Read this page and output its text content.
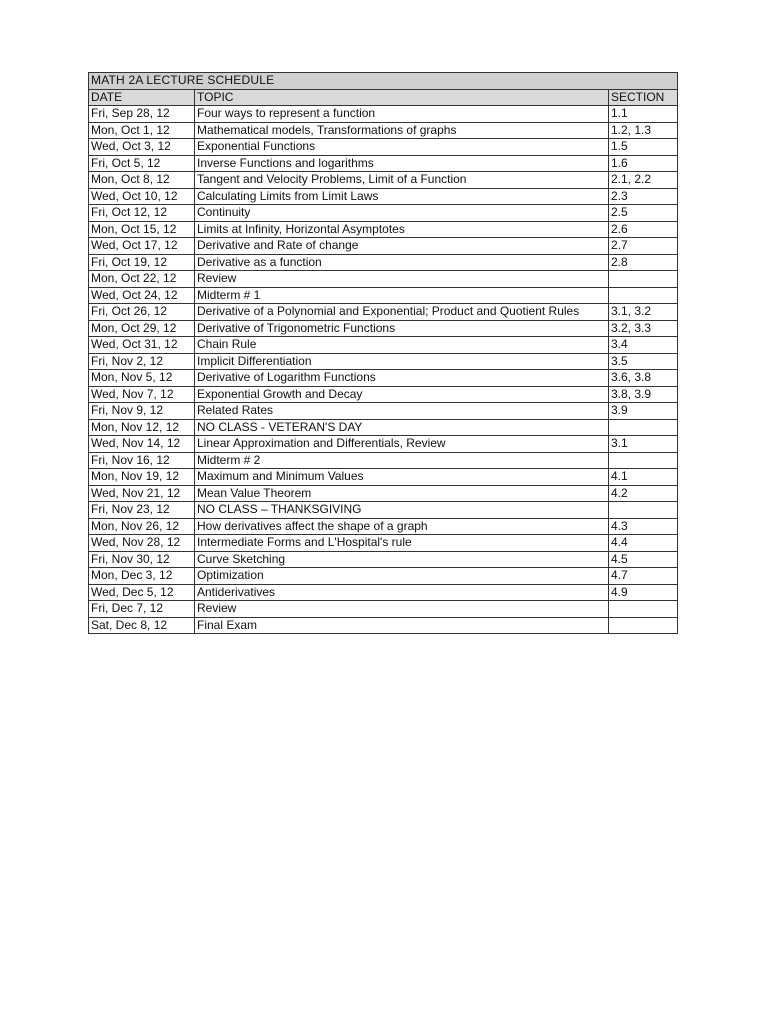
MATH 2A LECTURE SCHEDULE		
DATE	TOPIC	SECTION
Fri, Sep 28, 12	Four ways to represent a function	1.1
Mon, Oct 1, 12	Mathematical models, Transformations of graphs	1.2, 1.3
Wed, Oct 3, 12	Exponential Functions	1.5
Fri, Oct 5, 12	Inverse Functions and logarithms	1.6
Mon, Oct 8, 12	Tangent and Velocity Problems, Limit of a Function	2.1, 2.2
Wed, Oct 10, 12	Calculating Limits from Limit Laws	2.3
Fri, Oct 12, 12	Continuity	2.5
Mon, Oct 15, 12	Limits at Infinity, Horizontal Asymptotes	2.6
Wed, Oct 17, 12	Derivative and Rate of change	2.7
Fri, Oct 19, 12	Derivative as a function	2.8
Mon, Oct 22, 12	Review	
Wed, Oct 24, 12	Midterm # 1	
Fri, Oct 26, 12	Derivative of a Polynomial and Exponential; Product and Quotient Rules	3.1, 3.2
Mon, Oct 29, 12	Derivative of Trigonometric Functions	3.2, 3.3
Wed, Oct 31, 12	Chain Rule	3.4
Fri, Nov 2, 12	Implicit Differentiation	3.5
Mon, Nov 5, 12	Derivative of Logarithm Functions	3.6, 3.8
Wed, Nov 7, 12	Exponential Growth and Decay	3.8, 3.9
Fri, Nov 9, 12	Related Rates	3.9
Mon, Nov 12, 12	NO CLASS - VETERAN'S DAY	
Wed, Nov 14, 12	Linear Approximation and Differentials, Review	3.1
Fri, Nov 16, 12	Midterm # 2	
Mon, Nov 19, 12	Maximum and Minimum Values	4.1
Wed, Nov 21, 12	Mean Value Theorem	4.2
Fri, Nov 23, 12	NO CLASS – THANKSGIVING	
Mon, Nov 26, 12	How derivatives affect the shape of a graph	4.3
Wed, Nov 28, 12	Intermediate Forms and L'Hospital's rule	4.4
Fri, Nov 30, 12	Curve Sketching	4.5
Mon, Dec 3, 12	Optimization	4.7
Wed, Dec 5, 12	Antiderivatives	4.9
Fri, Dec 7, 12	Review	
Sat, Dec 8, 12	Final Exam	
